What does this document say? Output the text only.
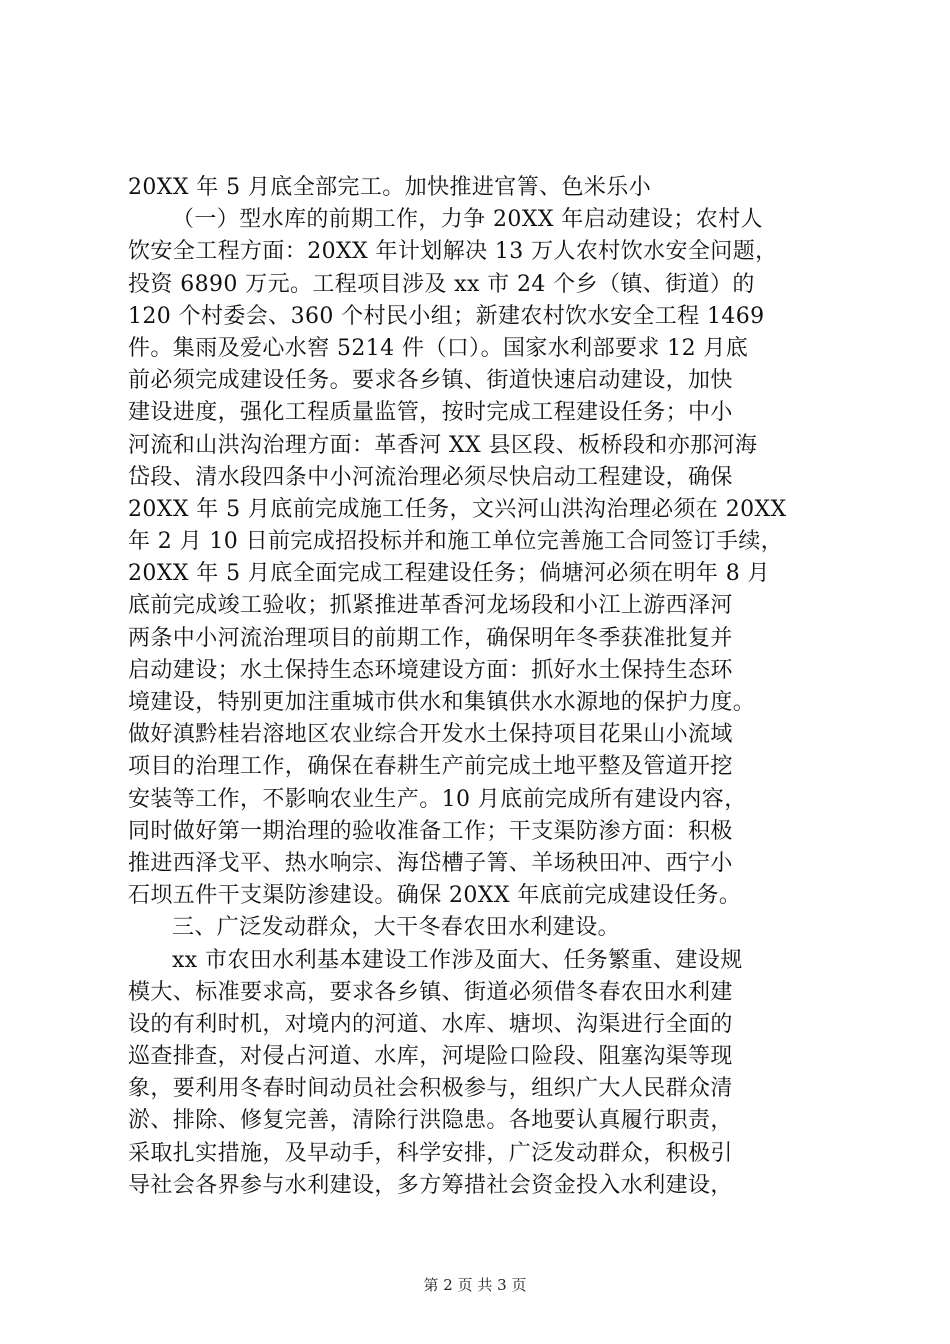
20XX 年 5 月底全部完工。加快推进官箐、色米乐小
（一）型水库的前期工作，力争 20XX 年启动建设；农村人
饮安全工程方面：20XX 年计划解决 13 万人农村饮水安全问题，
投资 6890 万元。工程项目涉及 xx 市 24 个乡（镇、街道）的
120 个村委会、360 个村民小组；新建农村饮水安全工程 1469
件。集雨及爱心水窖 5214 件（口）。国家水利部要求 12 月底
前必须完成建设任务。要求各乡镇、街道快速启动建设，加快
建设进度，强化工程质量监管，按时完成工程建设任务；中小
河流和山洪沟治理方面：革香河 XX 县区段、板桥段和亦那河海
岱段、清水段四条中小河流治理必须尽快启动工程建设，确保
20XX 年 5 月底前完成施工任务，文兴河山洪沟治理必须在 20XX
年 2 月 10 日前完成招投标并和施工单位完善施工合同签订手续，
20XX 年 5 月底全面完成工程建设任务；倘塘河必须在明年 8 月
底前完成竣工验收；抓紧推进革香河龙场段和小江上游西泽河
两条中小河流治理项目的前期工作，确保明年冬季获准批复并
启动建设；水土保持生态环境建设方面：抓好水土保持生态环
境建设，特别更加注重城市供水和集镇供水水源地的保护力度。
做好滇黔桂岩溶地区农业综合开发水土保持项目花果山小流域
项目的治理工作，确保在春耕生产前完成土地平整及管道开挖
安装等工作，不影响农业生产。10 月底前完成所有建设内容，
同时做好第一期治理的验收准备工作；干支渠防渗方面：积极
推进西泽戈平、热水响宗、海岱槽子箐、羊场秧田冲、西宁小
石坝五件干支渠防渗建设。确保 20XX 年底前完成建设任务。
三、广泛发动群众，大干冬春农田水利建设。
xx 市农田水利基本建设工作涉及面大、任务繁重、建设规
模大、标准要求高，要求各乡镇、街道必须借冬春农田水利建
设的有利时机，对境内的河道、水库、塘坝、沟渠进行全面的
巡查排查，对侵占河道、水库，河堤险口险段、阻塞沟渠等现
象，要利用冬春时间动员社会积极参与，组织广大人民群众清
淤、排除、修复完善，清除行洪隐患。各地要认真履行职责，
采取扎实措施，及早动手，科学安排，广泛发动群众，积极引
导社会各界参与水利建设，多方筹措社会资金投入水利建设，
第 2 页 共 3 页
